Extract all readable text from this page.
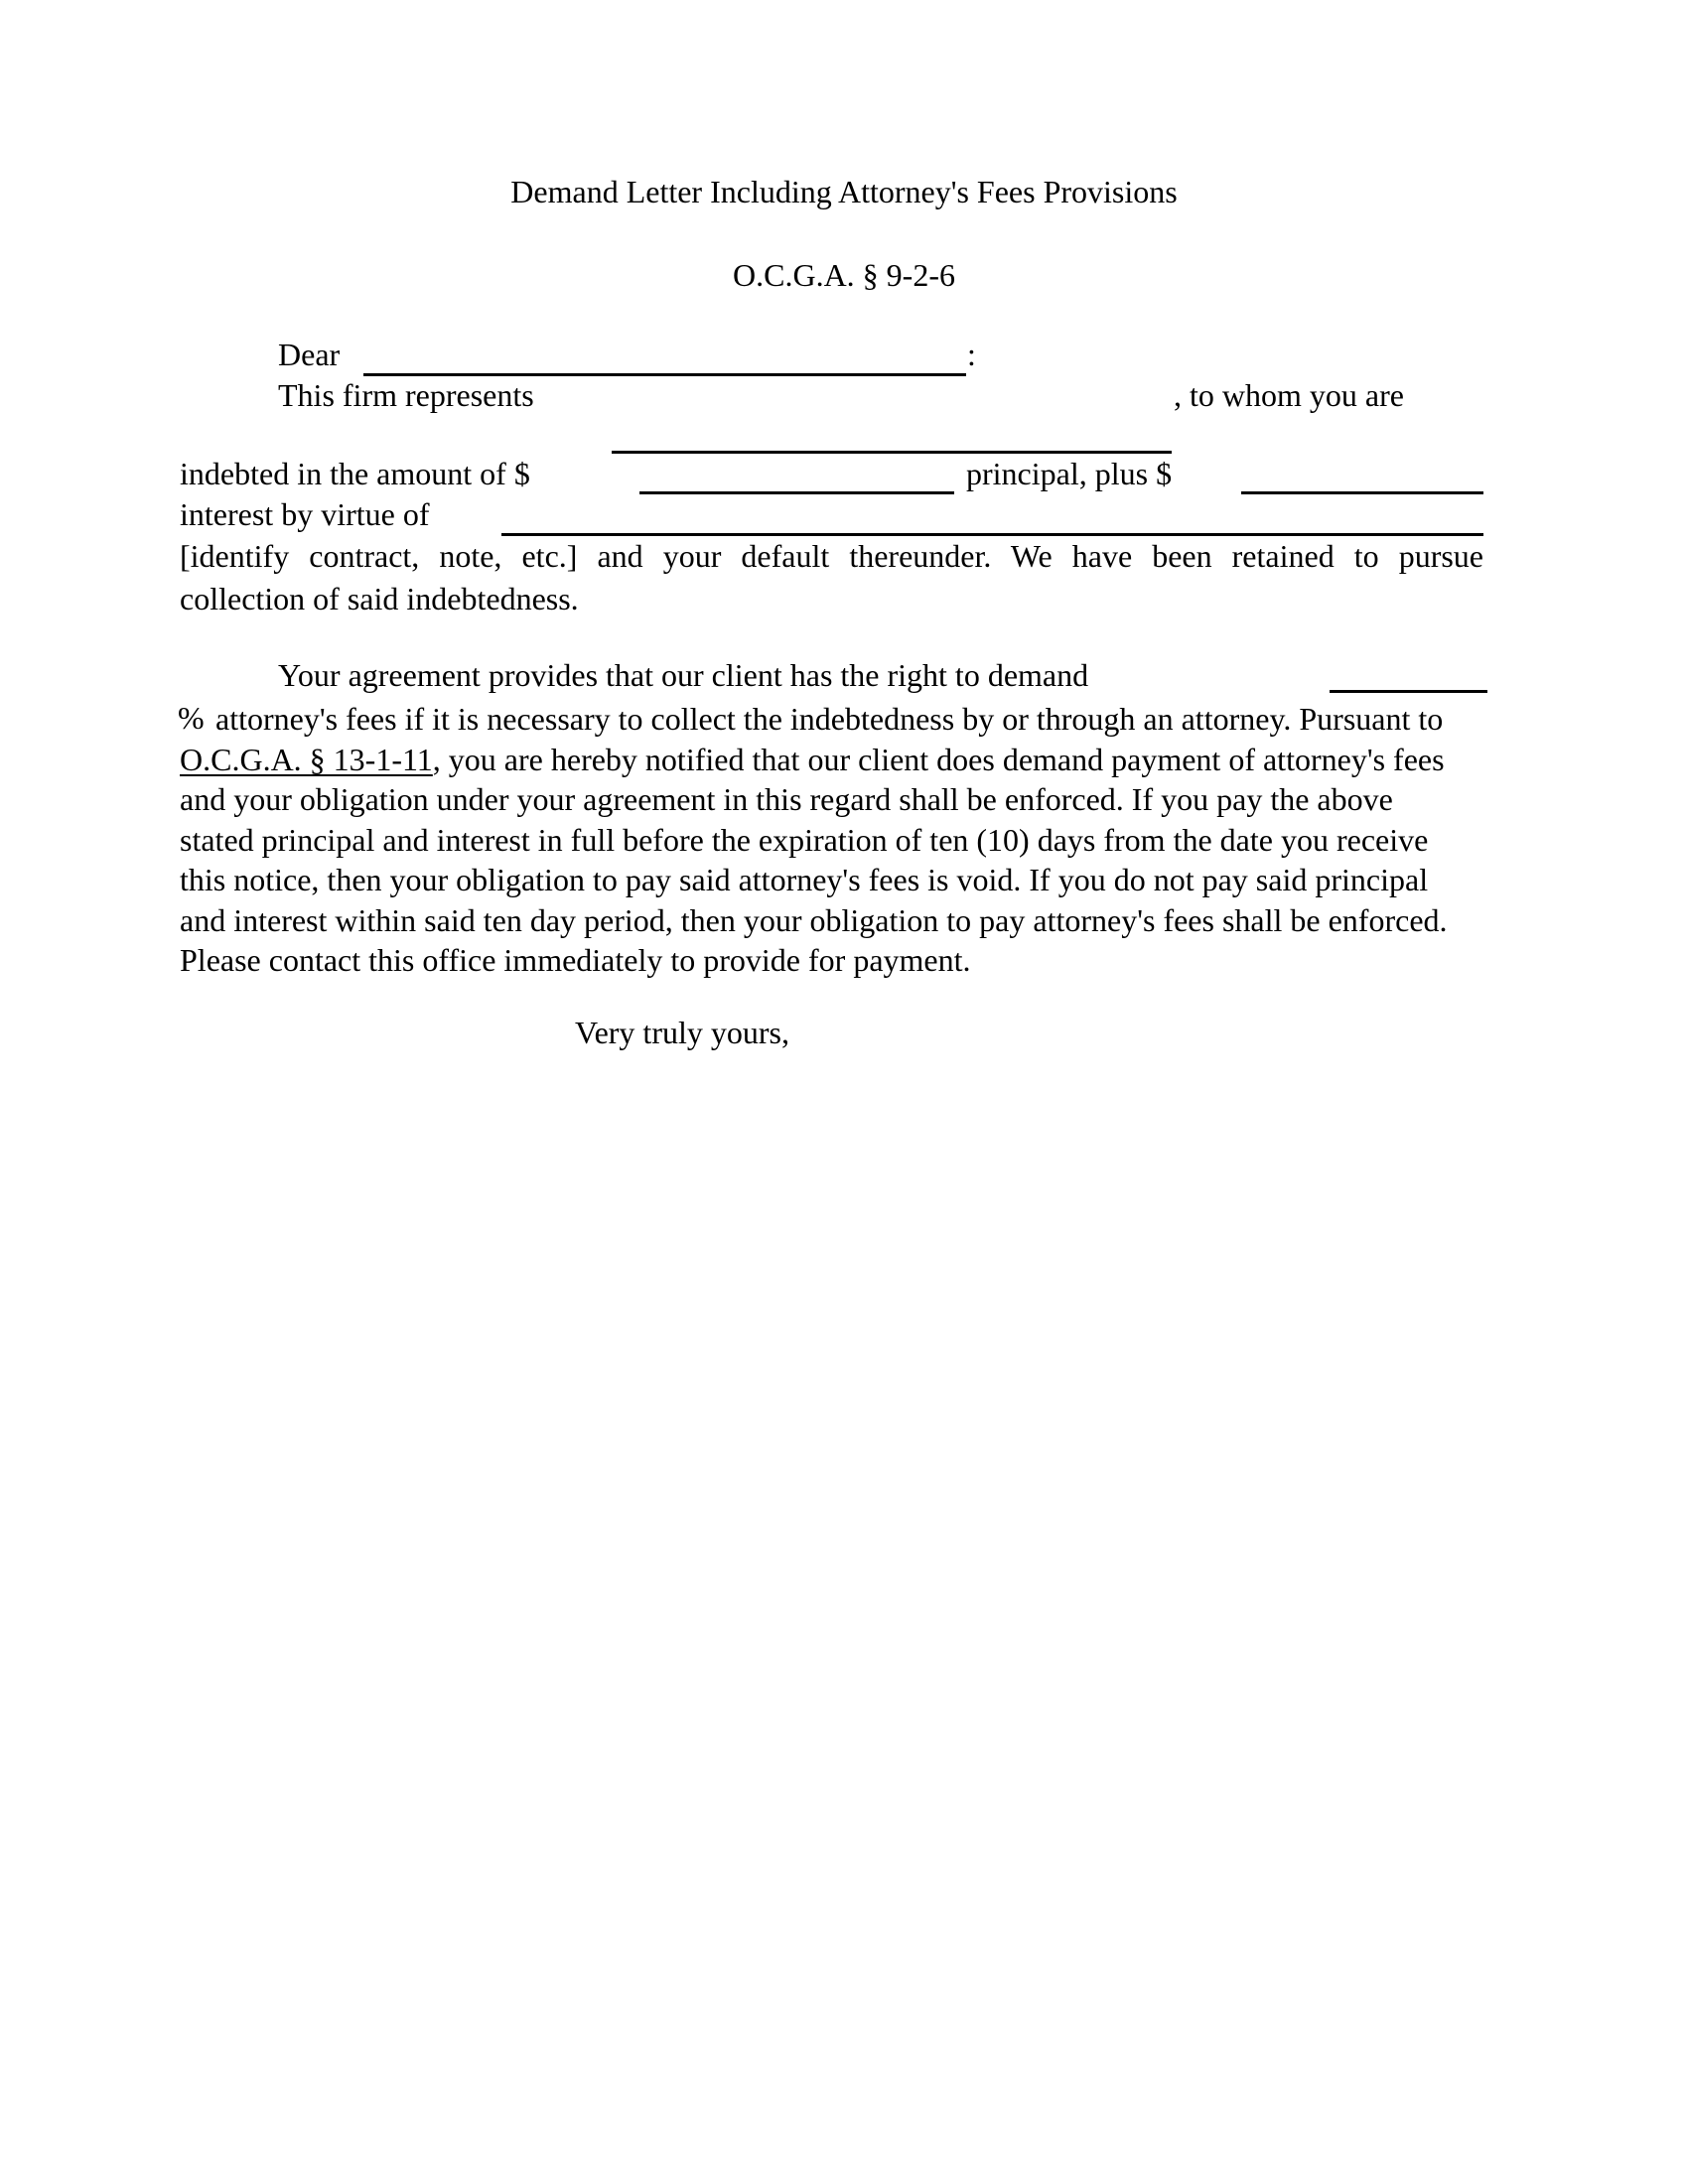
Demand Letter Including Attorney's Fees Provisions
O.C.G.A. § 9-2-6
Dear	:
This firm represents	, to whom you are
indebted in the amount of $	principal, plus $
interest by virtue of
[identify contract, note, etc.] and your default thereunder. We have been retained to pursue
collection of said indebtedness.
Your agreement provides that our client has the right to demand
% attorney's fees if it is necessary to collect the indebtedness by or through an attorney. Pursuant to

O.C.G.A. § 13-1-11, you are hereby notified that our client does demand payment of attorney's fees

and your obligation under your agreement in this regard shall be enforced. If you pay the above

stated principal and interest in full before the expiration of ten (10) days from the date you receive

this notice, then your obligation to pay said attorney's fees is void. If you do not pay said principal

and interest within said ten day period, then your obligation to pay attorney's fees shall be enforced.

Please contact this office immediately to provide for payment.

Very truly yours,
